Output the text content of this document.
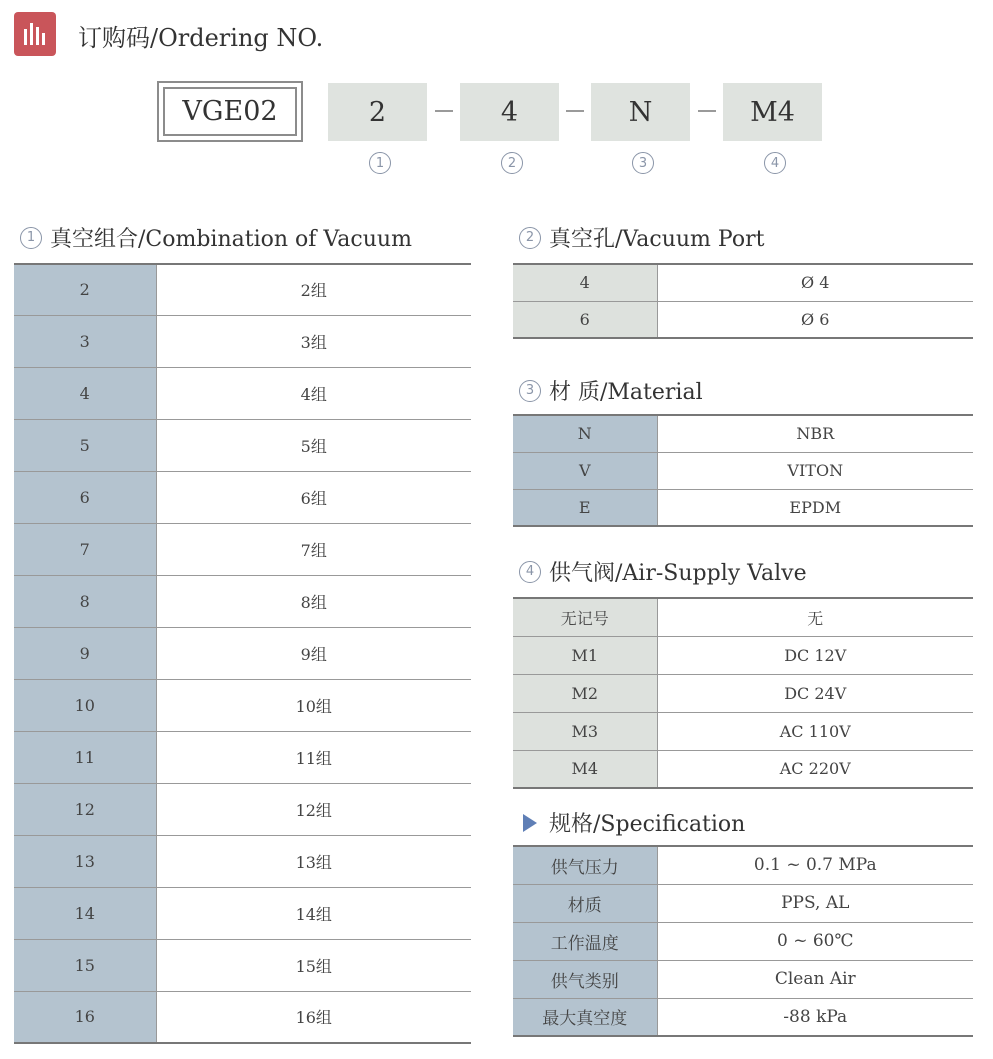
订购码/Ordering NO.
VGE02	2	4	N	M4
1	2	3	4
1 真空组合/Combination of Vacuum
2	2组
3	3组
4	4组
5	5组
6	6组
7	7组
8	8组
9	9组
10	10组
11	11组
12	12组
13	13组
14	14组
15	15组
16	16组
2 真空孔/Vacuum Port
4	Ø 4
6	Ø 6
3 材 质/Material
N	NBR
V	VITON
E	EPDM
4 供气阀/Air-Supply Valve
无记号	无
M1	DC 12V
M2	DC 24V
M3	AC 110V
M4	AC 220V
规格/Specification
供气压力	0.1 ~ 0.7 MPa
材质	PPS, AL
工作温度	0 ~ 60℃
供气类别	Clean Air
最大真空度	-88 kPa
